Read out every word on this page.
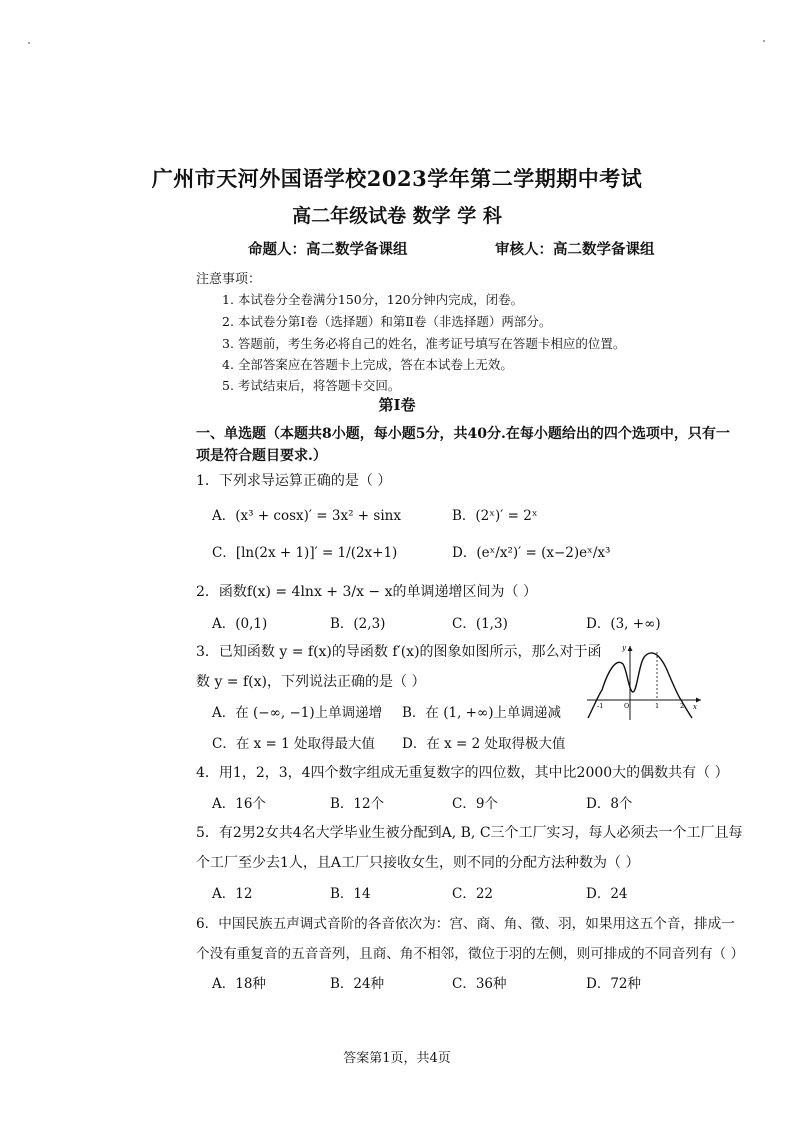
广州市天河外国语学校2023学年第二学期期中考试
高二年级试卷 数学 学 科
命题人：高二数学备课组	审核人：高二数学备课组
注意事项：
1. 本试卷分全卷满分150分，120分钟内完成，闭卷。
2. 本试卷分第Ⅰ卷（选择题）和第Ⅱ卷（非选择题）两部分。
3. 答题前，考生务必将自己的姓名，准考证号填写在答题卡相应的位置。
4. 全部答案应在答题卡上完成，答在本试卷上无效。
5. 考试结束后，将答题卡交回。
第Ⅰ卷
一、单选题（本题共8小题，每小题5分，共40分.在每小题给出的四个选项中，只有一
项是符合题目要求.）
1．下列求导运算正确的是（ ）
A．(x³ + cosx)′ = 3x² + sinx	B．(2ˣ)′ = 2ˣ
C．[ln(2x + 1)]′ = 1/(2x+1)	D．(eˣ/x²)′ = (x−2)eˣ/x³
2．函数f(x) = 4lnx + 3/x − x的单调递增区间为（ ）
A．(0,1)	B．(2,3)	C．(1,3)	D．(3, +∞)
3．已知函数 y = f(x)的导函数 f′(x)的图象如图所示，那么对于函
数 y = f(x)，下列说法正确的是（ ）
A．在 (−∞, −1)上单调递增 B．在 (1, +∞)上单调递减
C．在 x = 1 处取得最大值 D．在 x = 2 处取得极大值
y
O
-1	1	2 x
4．用1，2，3，4四个数字组成无重复数字的四位数，其中比2000大的偶数共有（ ）
A．16个	B．12个	C．9个	D．8个
5．有2男2女共4名大学毕业生被分配到A, B, C三个工厂实习，每人必须去一个工厂且每
个工厂至少去1人，且A工厂只接收女生，则不同的分配方法种数为（ ）
A．12	B．14	C．22	D．24
6．中国民族五声调式音阶的各音依次为：宫、商、角、徵、羽，如果用这五个音，排成一
个没有重复音的五音音列，且商、角不相邻，徵位于羽的左侧，则可排成的不同音列有（ ）
A．18种	B．24种	C．36种	D．72种
答案第1页，共4页
